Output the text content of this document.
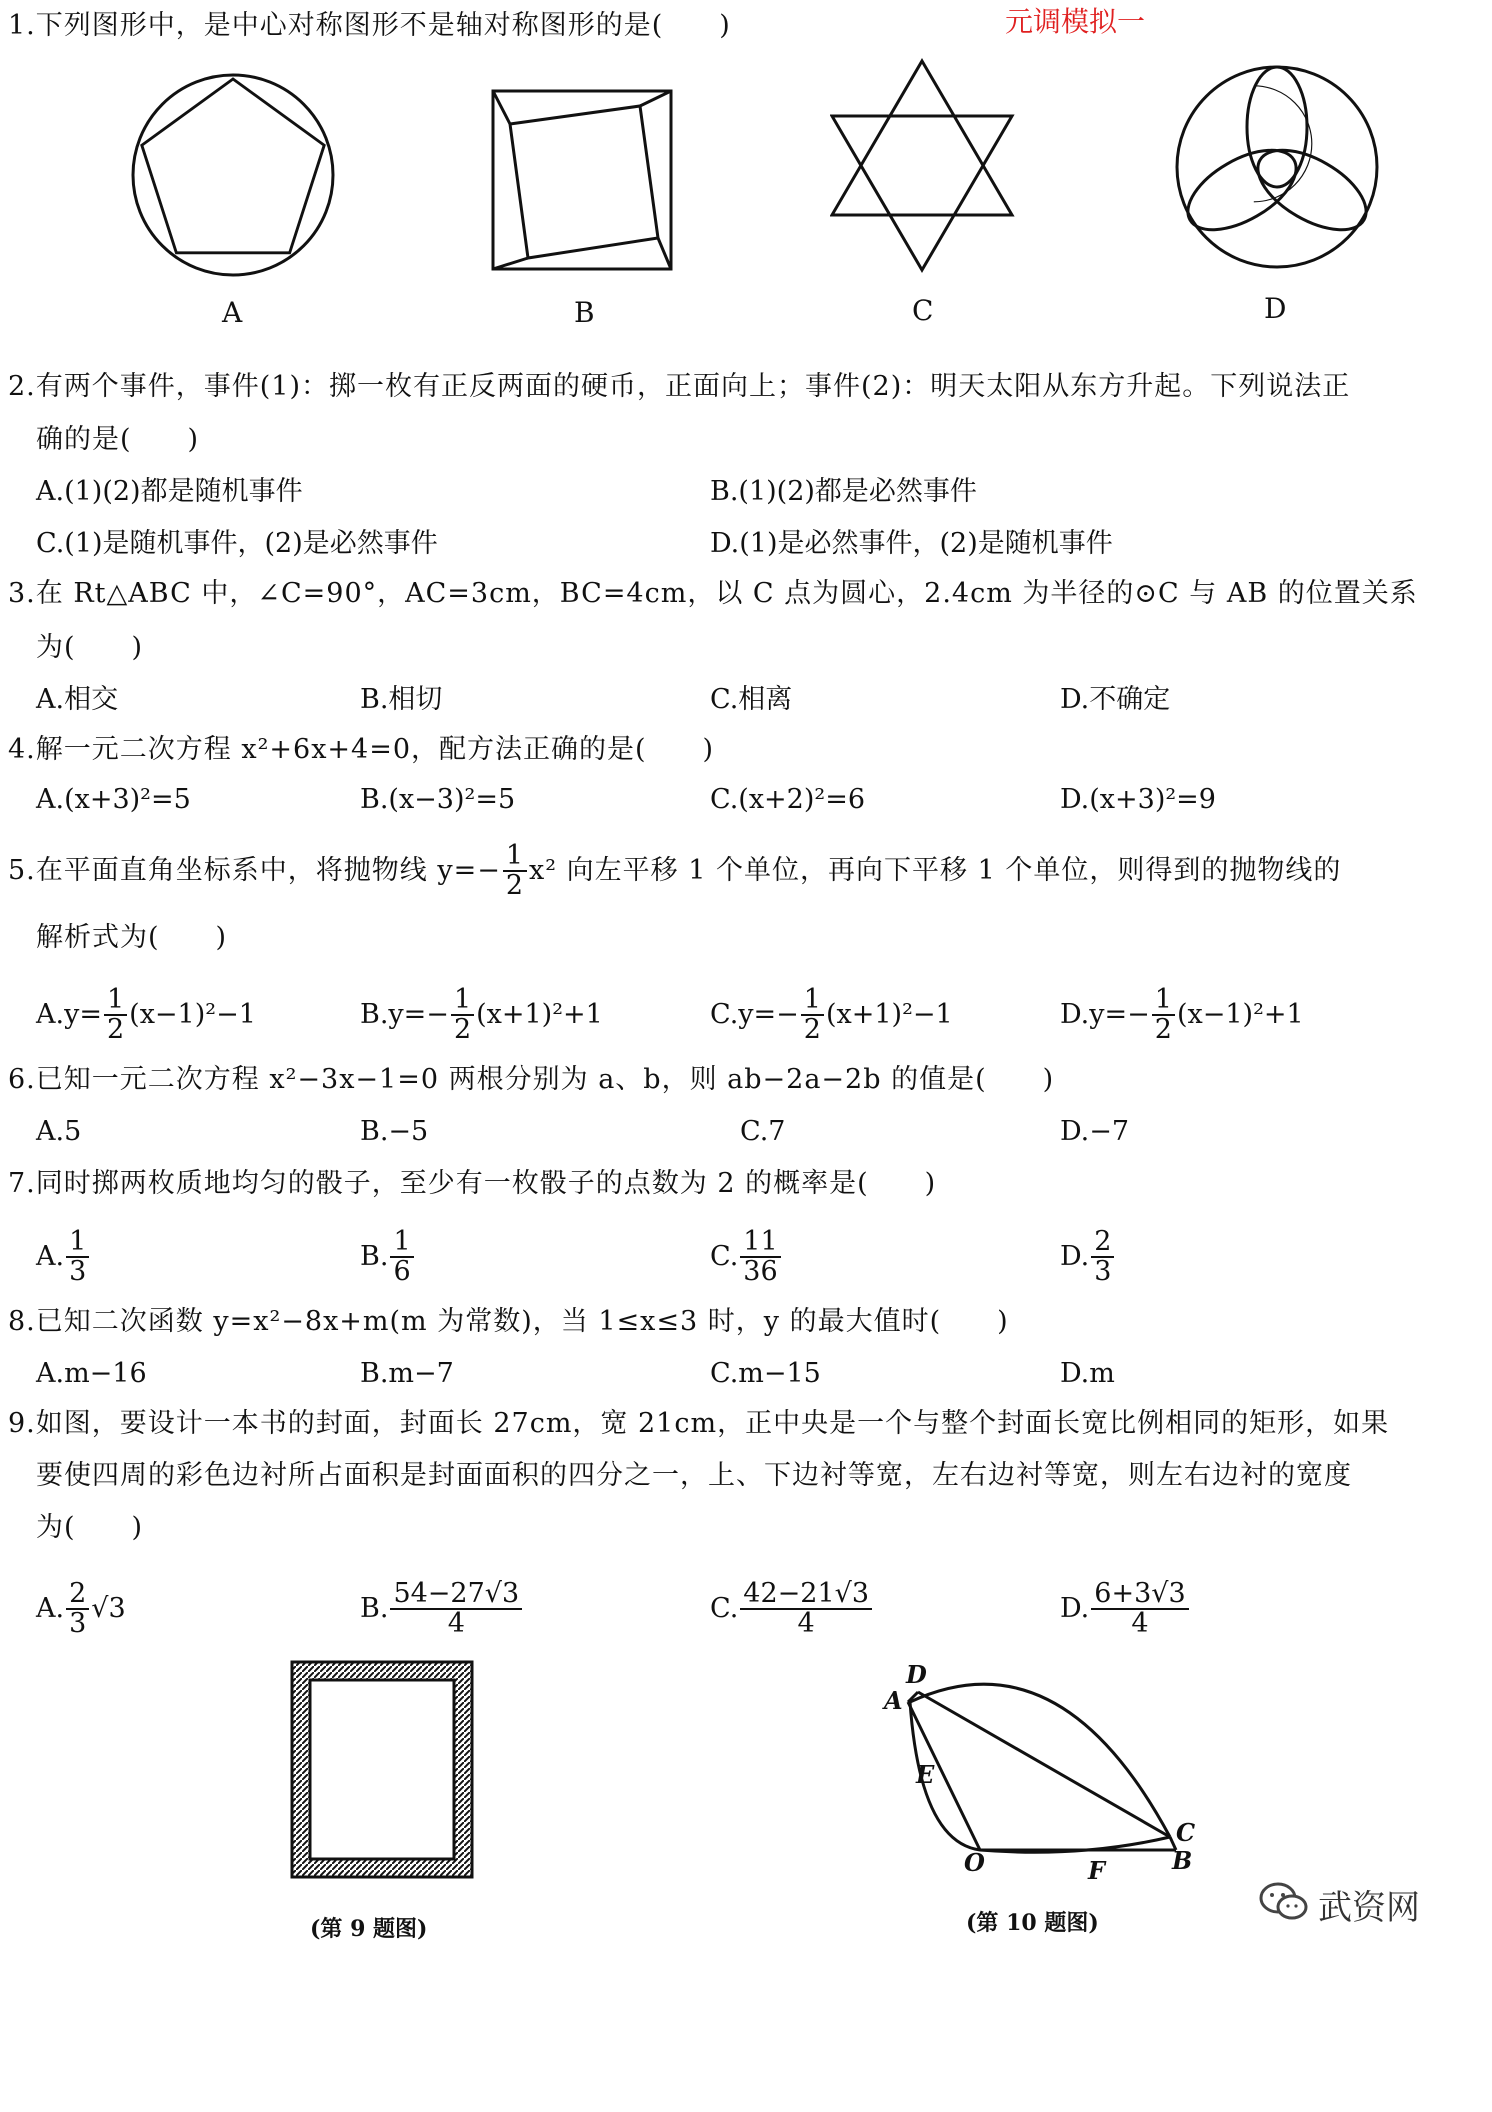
元调模拟一
1.下列图形中，是中心对称图形不是轴对称图形的是(　　)
A	B	C	D
2.有两个事件，事件(1)：掷一枚有正反两面的硬币，正面向上；事件(2)：明天太阳从东方升起。下列说法正
确的是(　　)
A.(1)(2)都是随机事件	B.(1)(2)都是必然事件
C.(1)是随机事件，(2)是必然事件	D.(1)是必然事件，(2)是随机事件
3.在 Rt△ABC 中，∠C=90°，AC=3cm，BC=4cm，以 C 点为圆心，2.4cm 为半径的⊙C 与 AB 的位置关系
为(　　)
A.相交	B.相切	C.相离	D.不确定
4.解一元二次方程 x²+6x+4=0，配方法正确的是(　　)
A.(x+3)²=5	B.(x−3)²=5	C.(x+2)²=6	D.(x+3)²=9
5.在平面直角坐标系中，将抛物线 $y=- \frac{1}{2} x^2$ 向左平移 1 个单位，再向下平移 1 个单位，则得到的抛物线的
解析式为(　　)
$A.y= \frac{1}{2} (x-1)^2-1$	$B.y=- \frac{1}{2} (x+1)^2+1$	$C.y=- \frac{1}{2} (x+1)^2-1$	$D.y=- \frac{1}{2} (x-1)^2+1$
6.已知一元二次方程 x²−3x−1=0 两根分别为 a、b，则 ab−2a−2b 的值是(　　)
A.5	B.−5	C.7	D.−7
7.同时掷两枚质地均匀的骰子，至少有一枚骰子的点数为 2 的概率是(　　)
A. $\frac{1}{3}$	B. $\frac{1}{6}$	C. $\frac{11}{36}$	D. $\frac{2}{3}$
8.已知二次函数 y=x²−8x+m(m 为常数)，当 1≤x≤3 时，y 的最大值时(　　)
A.m−16	B.m−7	C.m−15	D.m
9.如图，要设计一本书的封面，封面长 27cm，宽 21cm，正中央是一个与整个封面长宽比例相同的矩形，如果
要使四周的彩色边衬所占面积是封面面积的四分之一，上、下边衬等宽，左右边衬等宽，则左右边衬的宽度
为(　　)
A. $\frac{2}{3} √3$	B. $\frac{54-27√3}{4}$	C. $\frac{42-21√3}{4}$	D. $\frac{6+3√3}{4}$
(第 9 题图)
D
A
E
C
O	F	B
(第 10 题图)	武资网
